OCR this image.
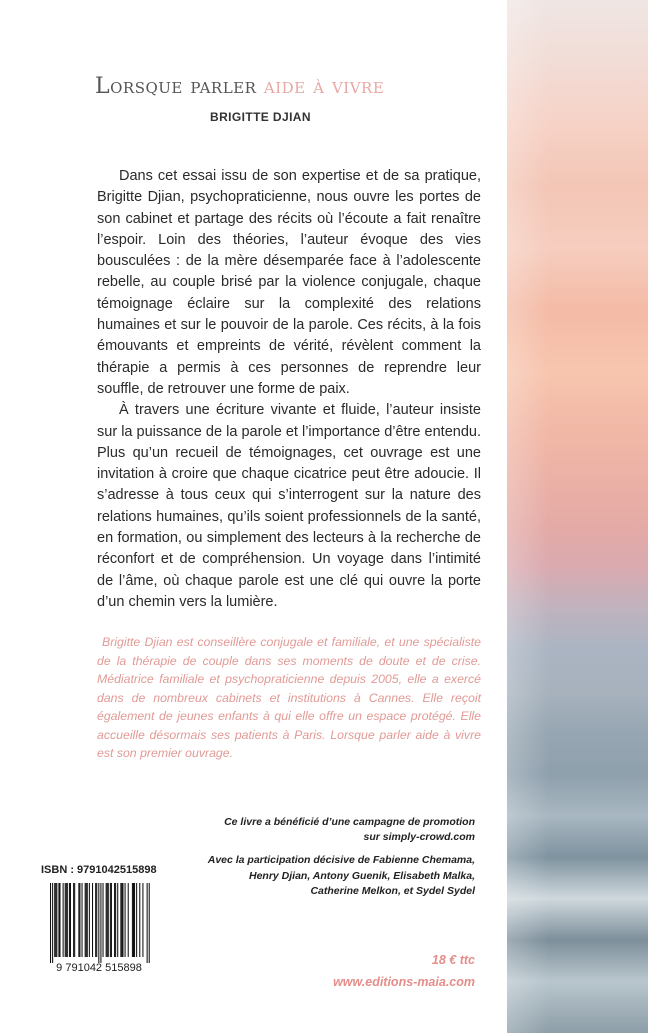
Lorsque parler aide à vivre
BRIGITTE DJIAN

Dans cet essai issu de son expertise et de sa pratique, Brigitte Djian, psychopraticienne, nous ouvre les portes de son cabinet et partage des récits où l’écoute a fait renaître l’espoir. Loin des théories, l’auteur évoque des vies bousculées : de la mère désemparée face à l’adolescente rebelle, au couple brisé par la violence conjugale, chaque témoignage éclaire sur la complexité des relations humaines et sur le pouvoir de la parole. Ces récits, à la fois émouvants et empreints de vérité, révèlent comment la thérapie a permis à ces personnes de reprendre leur souffle, de retrouver une forme de paix.

À travers une écriture vivante et fluide, l’auteur insiste sur la puissance de la parole et l’importance d’être entendu. Plus qu’un recueil de témoignages, cet ouvrage est une invitation à croire que chaque cicatrice peut être adoucie. Il s’adresse à tous ceux qui s’interrogent sur la nature des relations humaines, qu’ils soient professionnels de la santé, en formation, ou simplement des lecteurs à la recherche de réconfort et de compréhension. Un voyage dans l’intimité de l’âme, où chaque parole est une clé qui ouvre la porte d’un chemin vers la lumière.

Brigitte Djian est conseillère conjugale et familiale, et une spécialiste de la thérapie de couple dans ses moments de doute et de crise. Médiatrice familiale et psychopraticienne depuis 2005, elle a exercé dans de nombreux cabinets et institutions à Cannes. Elle reçoit également de jeunes enfants à qui elle offre un espace protégé. Elle accueille désormais ses patients à Paris. Lorsque parler aide à vivre est son premier ouvrage.
Ce livre a bénéficié d’une campagne de promotion
sur simply-crowd.com
Avec la participation décisive de Fabienne Chemama,
Henry Djian, Antony Guenik, Elisabeth Malka,
Catherine Melkon, et Sydel Sydel
ISBN : 9791042515898
9 791042 515898
18 € ttc
www.editions-maia.com
